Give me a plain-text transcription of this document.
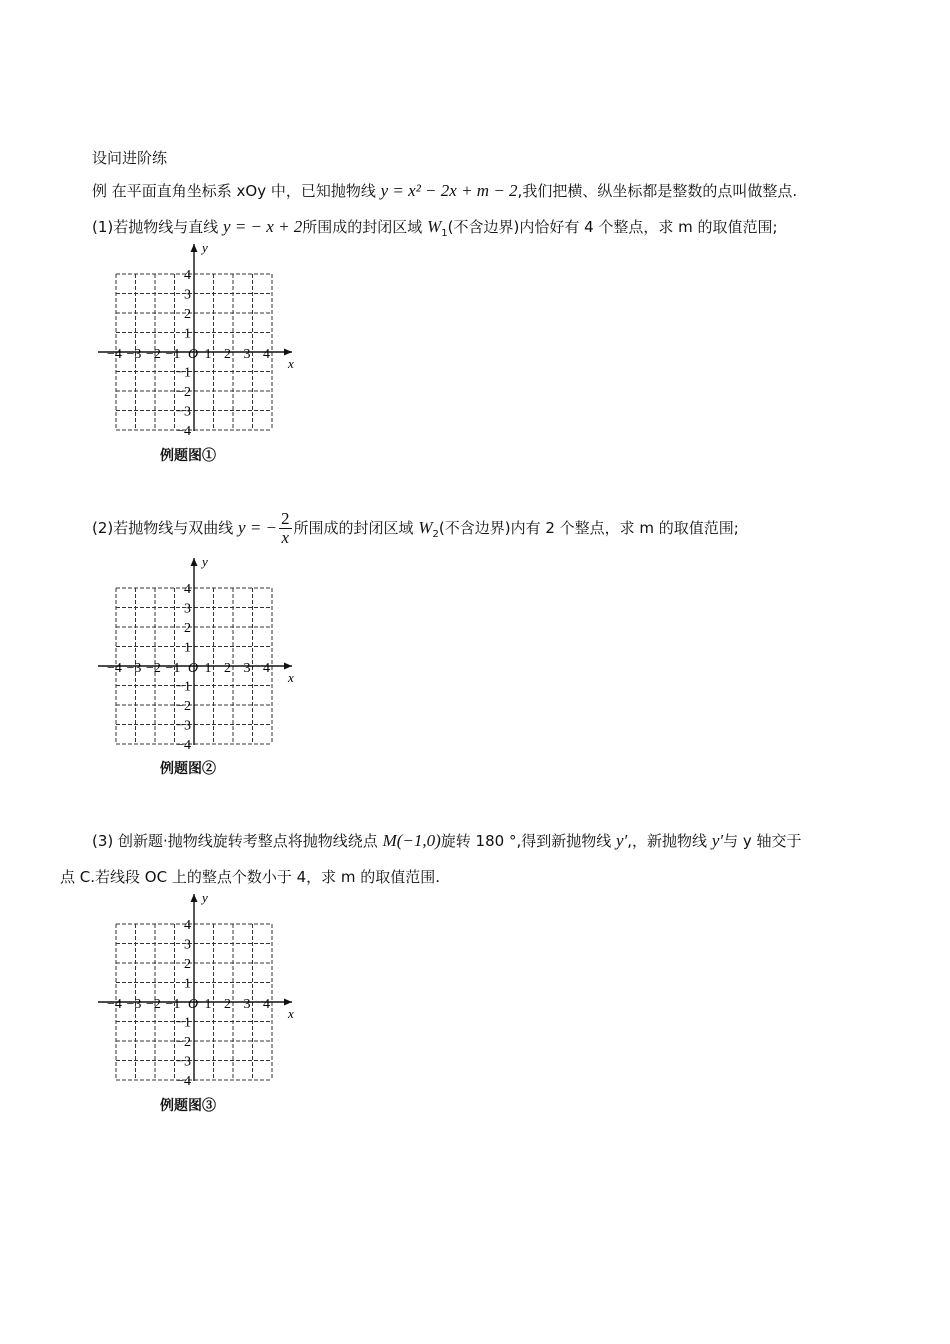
设问进阶练
例 在平面直角坐标系 xOy 中，已知抛物线 y = x² − 2x + m − 2,我们把横、纵坐标都是整数的点叫做整点.
(1)若抛物线与直线 y = − x + 2所围成的封闭区域 $W_1$(不含边界)内恰好有 4 个整点，求 m 的取值范围;
x
y
−4 −3 −2 −1 O 1 2 3 4
4
3
2
1
−1
−2
−3
−4
例题图①
(2)若抛物线与双曲线 y = − $\frac{2}{x}$ 所围成的封闭区域 $W_2$(不含边界)内有 2 个整点，求 m 的取值范围;
x
y
−4 −3 −2 −1 O 1 2 3 4
4
3
2
1
−1
−2
−3
−4
例题图②
(3) 创新题·抛物线旋转考整点将抛物线绕点 M(−1,0)旋转 180 °,得到新抛物线 y′,，新抛物线 y′与 y 轴交于
点 C.若线段 OC 上的整点个数小于 4，求 m 的取值范围.
x
y
−4 −3 −2 −1 O 1 2 3 4
4
3
2
1
−1
−2
−3
−4
例题图③
